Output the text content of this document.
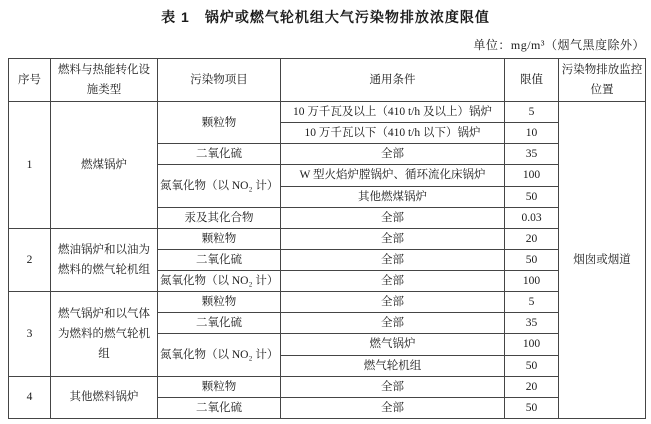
表 1　锅炉或燃气轮机组大气污染物排放浓度限值
单位：mg/m³（烟气黑度除外）
序号	燃料与热能转化设施类型	污染物项目	通用条件	限值	污染物排放监控位置
1	燃煤锅炉	颗粒物	10 万千瓦及以上（410 t/h 及以上）锅炉	5	烟囱或烟道
			10 万千瓦以下（410 t/h 以下）锅炉	10	
		二氧化硫	全部	35	
		氮氧化物（以 NO₂ 计）	W 型火焰炉膛锅炉、循环流化床锅炉	100	
			其他燃煤锅炉	50	
		汞及其化合物	全部	0.03	
2	燃油锅炉和以油为燃料的燃气轮机组	颗粒物	全部	20	
		二氧化硫	全部	50	
		氮氧化物（以 NO₂ 计）	全部	100	
3	燃气锅炉和以气体为燃料的燃气轮机组	颗粒物	全部	5	
		二氧化硫	全部	35	
		氮氧化物（以 NO₂ 计）	燃气锅炉	100	
			燃气轮机组	50	
4	其他燃料锅炉	颗粒物	全部	20	
		二氧化硫	全部	50	
